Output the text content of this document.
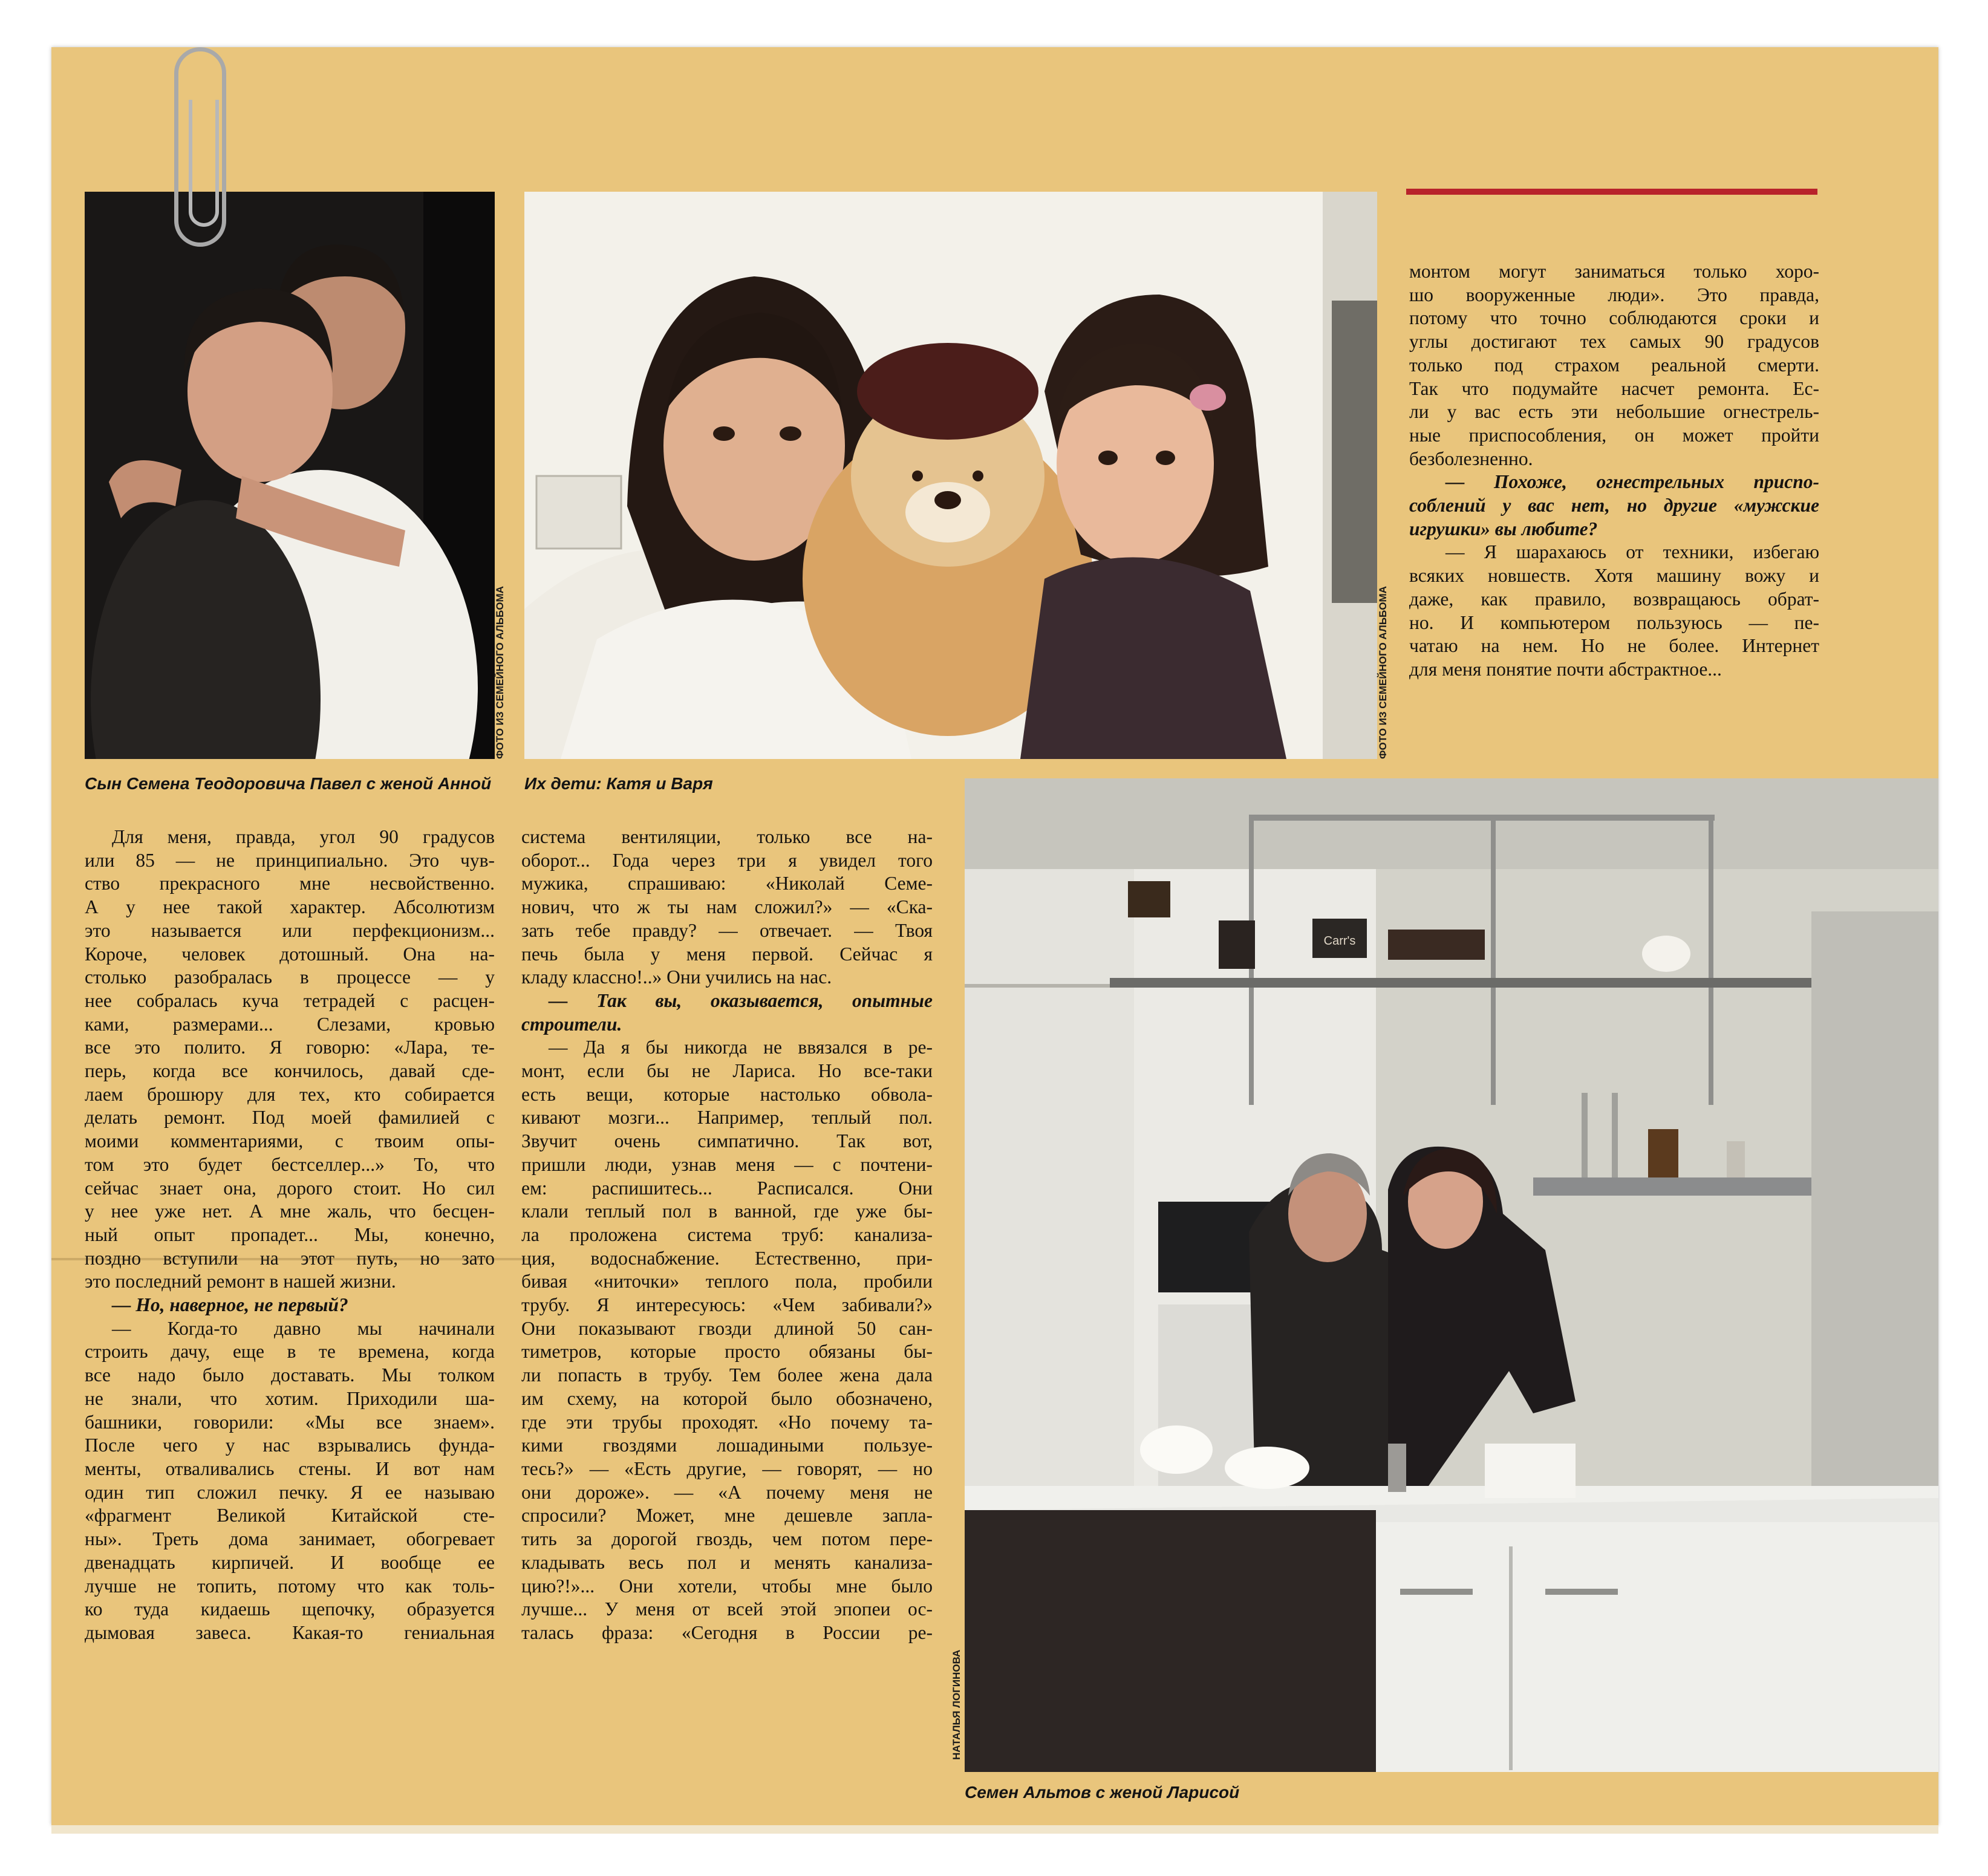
ФОТО ИЗ СЕМЕЙНОГО АЛЬБОМА
Сын Семена Теодоровича Павел с женой Анной
ФОТО ИЗ СЕМЕЙНОГО АЛЬБОМА
Их дети: Катя и Варя
Carr's
НАТАЛЬЯ ЛОГИНОВА
Семен Альтов с женой Ларисой

монтом могут заниматься только хоро-

шо вооруженные люди». Это правда,

потому что точно соблюдаются сроки и

углы достигают тех самых 90 градусов

только под страхом реальной смерти.

Так что подумайте насчет ремонта. Ес-

ли у вас есть эти небольшие огнестрель-

ные приспособления, он может пройти

безболезненно.

— Похоже, огнестрельных приспо-

соблений у вас нет, но другие «мужские

игрушки» вы любите?

— Я шарахаюсь от техники, избегаю

всяких новшеств. Хотя машину вожу и

даже, как правило, возвращаюсь обрат-

но. И компьютером пользуюсь — пе-

чатаю на нем. Но не более. Интернет

для меня понятие почти абстрактное...

Для меня, правда, угол 90 градусов

или 85 — не принципиально. Это чув-

ство прекрасного мне несвойственно.

А у нее такой характер. Абсолютизм

это называется или перфекционизм...

Короче, человек дотошный. Она на-

столько разобралась в процессе — у

нее собралась куча тетрадей с расцен-

ками, размерами... Слезами, кровью

все это полито. Я говорю: «Лара, те-

перь, когда все кончилось, давай сде-

лаем брошюру для тех, кто собирается

делать ремонт. Под моей фамилией с

моими комментариями, с твоим опы-

том это будет бестселлер...» То, что

сейчас знает она, дорого стоит. Но сил

у нее уже нет. А мне жаль, что бесцен-

ный опыт пропадет... Мы, конечно,

поздно вступили на этот путь, но зато

это последний ремонт в нашей жизни.

— Но, наверное, не первый?

— Когда-то давно мы начинали

строить дачу, еще в те времена, когда

все надо было доставать. Мы толком

не знали, что хотим. Приходили ша-

башники, говорили: «Мы все знаем».

После чего у нас взрывались фунда-

менты, отваливались стены. И вот нам

один тип сложил печку. Я ее называю

«фрагмент Великой Китайской сте-

ны». Треть дома занимает, обогревает

двенадцать кирпичей. И вообще ее

лучше не топить, потому что как толь-

ко туда кидаешь щепочку, образуется

дымовая завеса. Какая-то гениальная

система вентиляции, только все на-

оборот... Года через три я увидел того

мужика, спрашиваю: «Николай Семе-

нович, что ж ты нам сложил?» — «Ска-

зать тебе правду? — отвечает. — Твоя

печь была у меня первой. Сейчас я

кладу классно!..» Они учились на нас.

— Так вы, оказывается, опытные

строители.

— Да я бы никогда не ввязался в ре-

монт, если бы не Лариса. Но все-таки

есть вещи, которые настолько обвола-

кивают мозги... Например, теплый пол.

Звучит очень симпатично. Так вот,

пришли люди, узнав меня — с почтени-

ем: распишитесь... Расписался. Они

клали теплый пол в ванной, где уже бы-

ла проложена система труб: канализа-

ция, водоснабжение. Естественно, при-

бивая «ниточки» теплого пола, пробили

трубу. Я интересуюсь: «Чем забивали?»

Они показывают гвозди длиной 50 сан-

тиметров, которые просто обязаны бы-

ли попасть в трубу. Тем более жена дала

им схему, на которой было обозначено,

где эти трубы проходят. «Но почему та-

кими гвоздями лошадиными пользуе-

тесь?» — «Есть другие, — говорят, — но

они дороже». — «А почему меня не

спросили? Может, мне дешевле запла-

тить за дорогой гвоздь, чем потом пере-

кладывать весь пол и менять канализа-

цию?!»... Они хотели, чтобы мне было

лучше... У меня от всей этой эпопеи ос-

талась фраза: «Сегодня в России ре-
